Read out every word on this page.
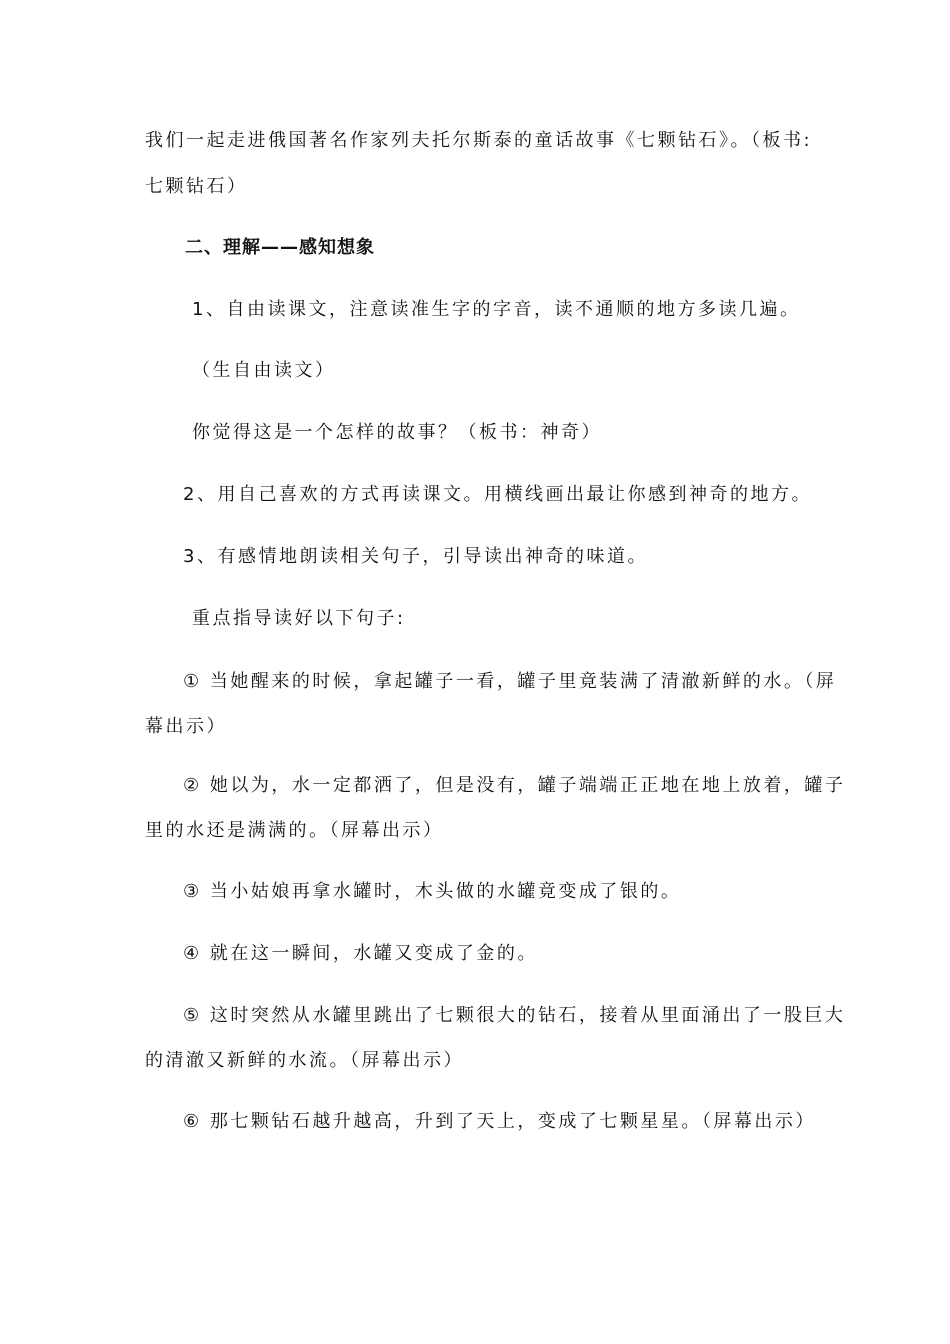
我们一起走进俄国著名作家列夫托尔斯泰的童话故事《七颗钻石》。（板书:
七颗钻石）
二、理解——感知想象
1、自由读课文，注意读准生字的字音，读不通顺的地方多读几遍。
（生自由读文）
你觉得这是一个怎样的故事？（板书：神奇）
2、用自己喜欢的方式再读课文。用横线画出最让你感到神奇的地方。
3、有感情地朗读相关句子，引导读出神奇的味道。
重点指导读好以下句子:
① 当她醒来的时候，拿起罐子一看，罐子里竟装满了清澈新鲜的水。（屏
幕出示）
② 她以为，水一定都洒了，但是没有，罐子端端正正地在地上放着，罐子
里的水还是满满的。（屏幕出示）
③ 当小姑娘再拿水罐时，木头做的水罐竟变成了银的。
④ 就在这一瞬间，水罐又变成了金的。
⑤ 这时突然从水罐里跳出了七颗很大的钻石，接着从里面涌出了一股巨大
的清澈又新鲜的水流。（屏幕出示）
⑥ 那七颗钻石越升越高，升到了天上，变成了七颗星星。（屏幕出示）
